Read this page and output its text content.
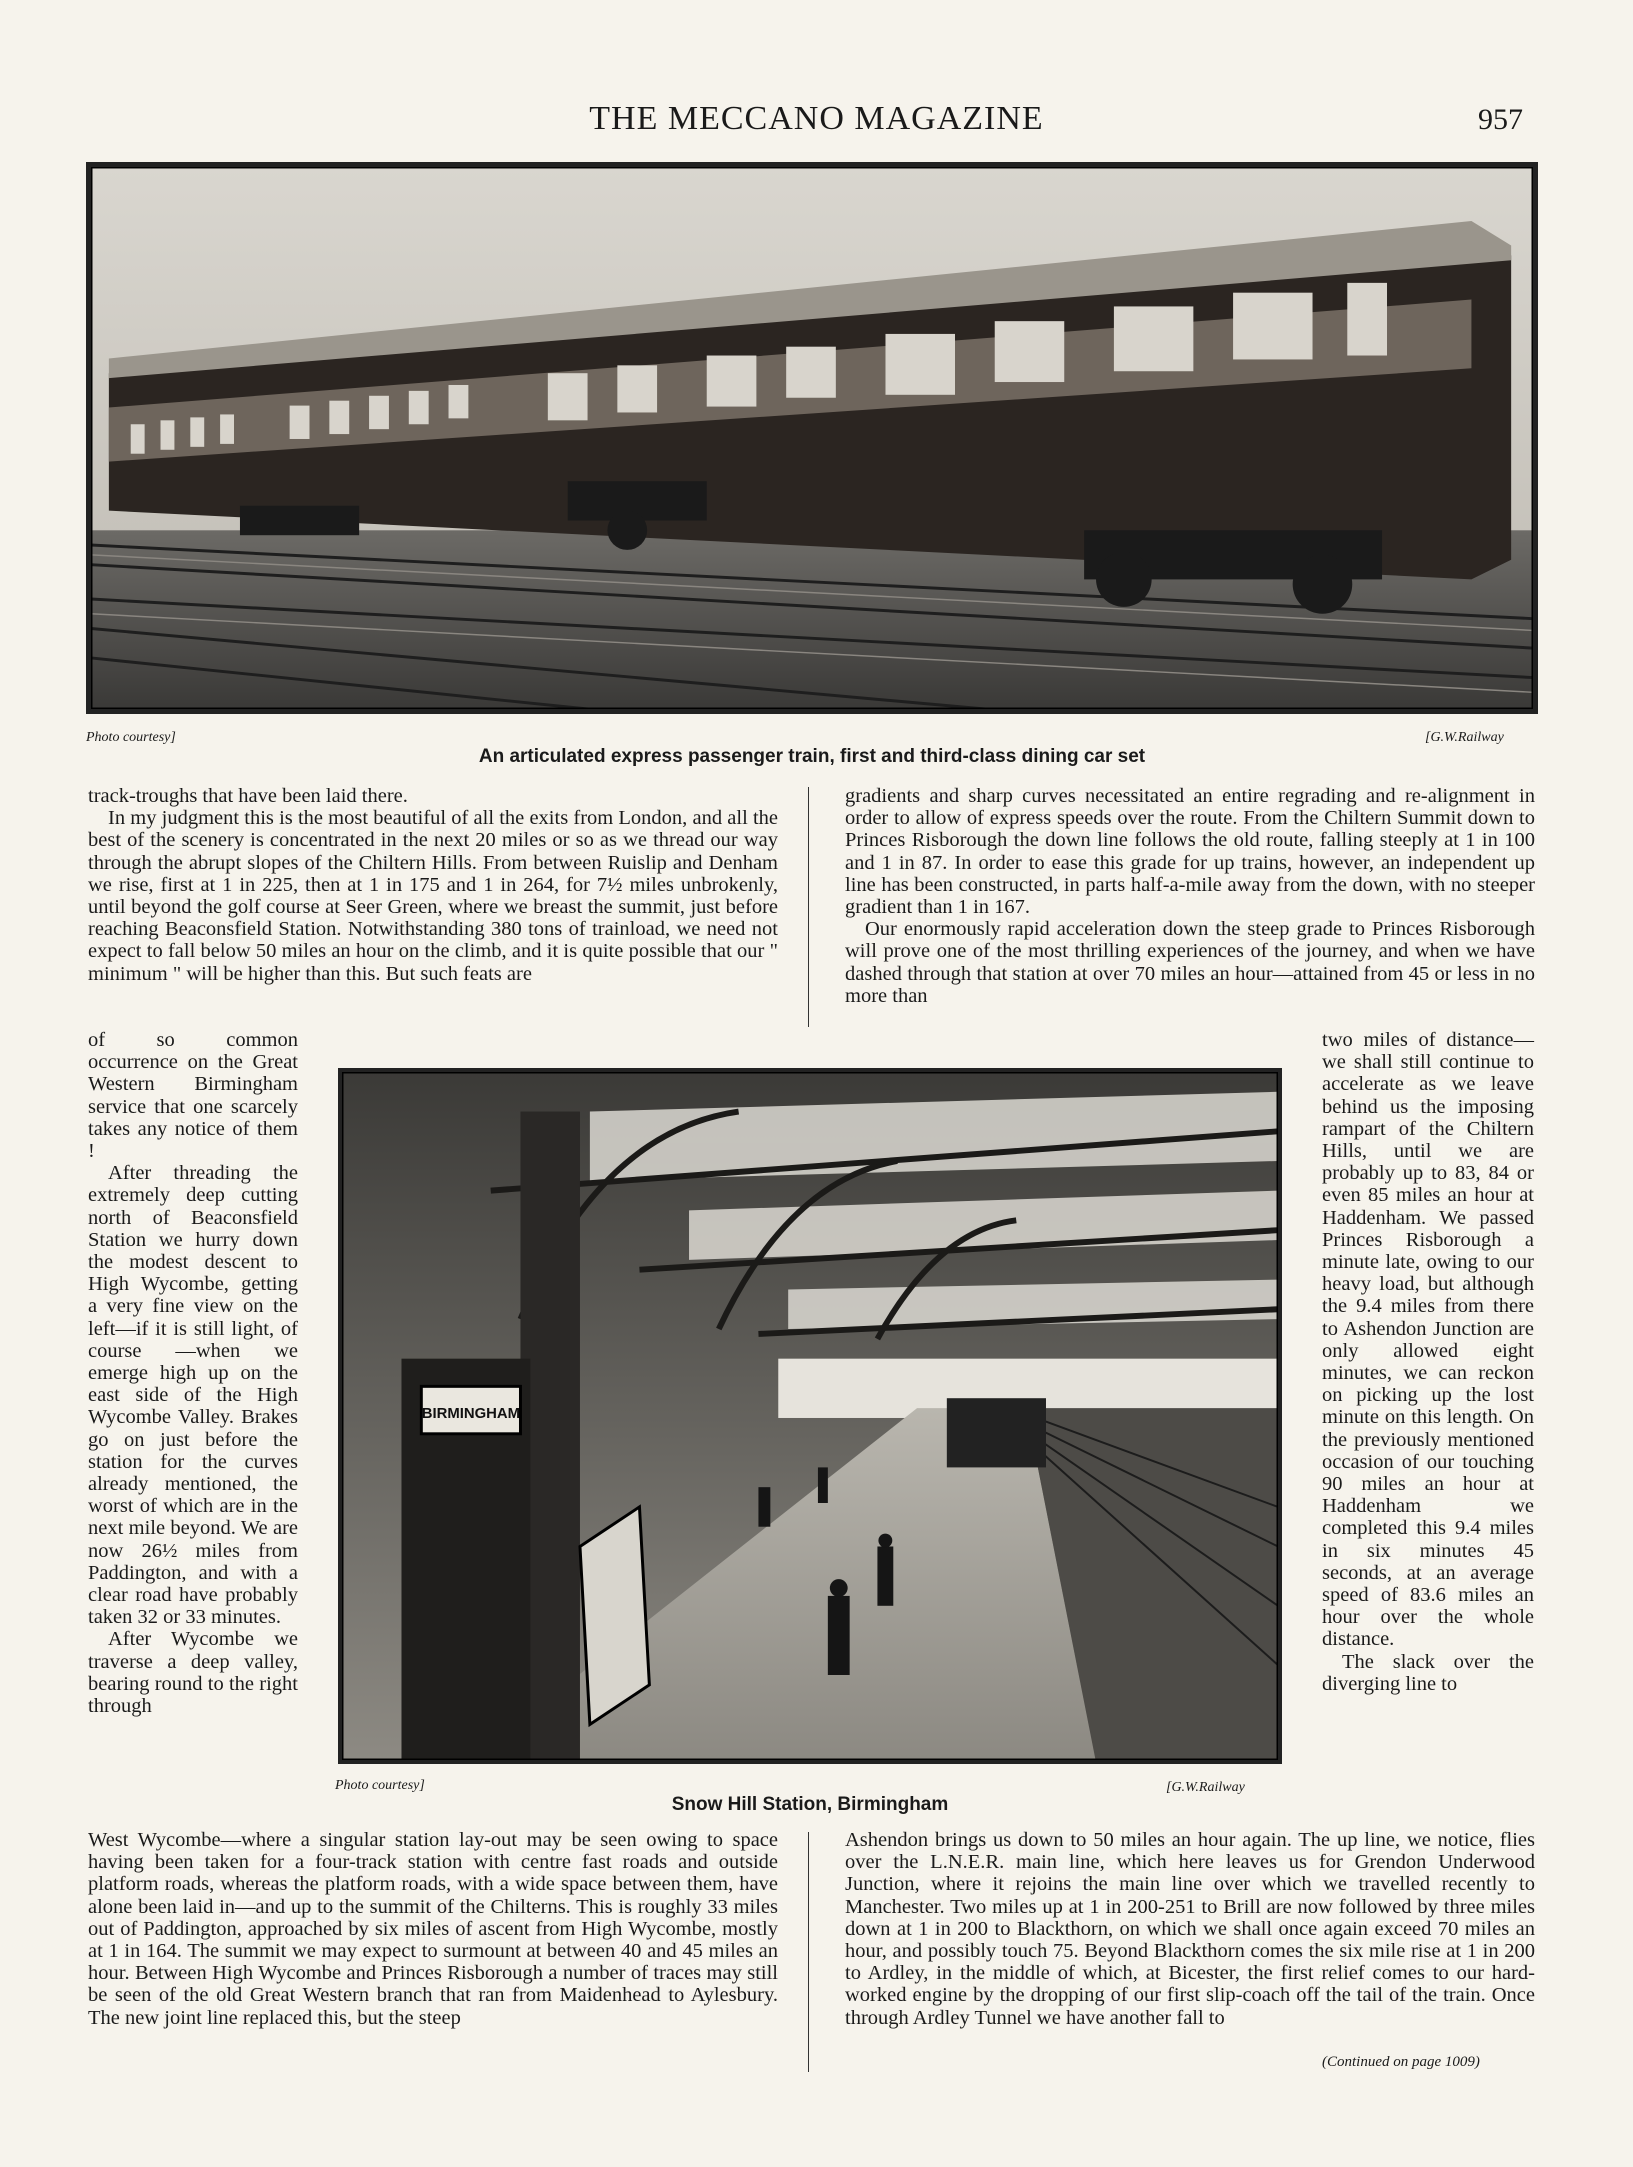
THE MECCANO MAGAZINE	957
Photo courtesy]	[G.W.Railway
An articulated express passenger train, first and third-class dining car set

track-troughs that have been laid there.

In my judgment this is the most beautiful of all the exits from London, and all the best of the scenery is concentrated in the next 20 miles or so as we thread our way through the abrupt slopes of the Chiltern Hills. From between Ruislip and Denham we rise, first at 1 in 225, then at 1 in 175 and 1 in 264, for 7½ miles unbrokenly, until beyond the golf course at Seer Green, where we breast the summit, just before reaching Beaconsfield Station. Notwithstanding 380 tons of trainload, we need not expect to fall below 50 miles an hour on the climb, and it is quite possible that our " minimum " will be higher than this. But such feats are

gradients and sharp curves necessitated an entire regrading and re-alignment in order to allow of express speeds over the route. From the Chiltern Summit down to Princes Risborough the down line follows the old route, falling steeply at 1 in 100 and 1 in 87. In order to ease this grade for up trains, however, an independent up line has been constructed, in parts half-a-mile away from the down, with no steeper gradient than 1 in 167.

Our enormously rapid acceleration down the steep grade to Princes Risborough will prove one of the most thrilling experiences of the journey, and when we have dashed through that station at over 70 miles an hour—attained from 45 or less in no more than

BIRMINGHAM
Photo courtesy]	[G.W.Railway
Snow Hill Station, Birmingham

of so common occurrence on the Great Western Birmingham service that one scarcely takes any notice of them !

After threading the extremely deep cutting north of Beaconsfield Station we hurry down the modest descent to High Wycombe, getting a very fine view on the left—if it is still light, of course —when we emerge high up on the east side of the High Wycombe Valley. Brakes go on just before the station for the curves already mentioned, the worst of which are in the next mile beyond. We are now 26½ miles from Paddington, and with a clear road have probably taken 32 or 33 minutes.

After Wycombe we traverse a deep valley, bearing round to the right through

two miles of distance—we shall still continue to accelerate as we leave behind us the imposing rampart of the Chiltern Hills, until we are probably up to 83, 84 or even 85 miles an hour at Haddenham. We passed Princes Risborough a minute late, owing to our heavy load, but although the 9.4 miles from there to Ashendon Junction are only allowed eight minutes, we can reckon on picking up the lost minute on this length. On the previously mentioned occasion of our touching 90 miles an hour at Haddenham we completed this 9.4 miles in six minutes 45 seconds, at an average speed of 83.6 miles an hour over the whole distance.

The slack over the diverging line to

West Wycombe—where a singular station lay-out may be seen owing to space having been taken for a four-track station with centre fast roads and outside platform roads, whereas the platform roads, with a wide space between them, have alone been laid in—and up to the summit of the Chilterns. This is roughly 33 miles out of Paddington, approached by six miles of ascent from High Wycombe, mostly at 1 in 164. The summit we may expect to surmount at between 40 and 45 miles an hour. Between High Wycombe and Princes Risborough a number of traces may still be seen of the old Great Western branch that ran from Maidenhead to Aylesbury. The new joint line replaced this, but the steep

Ashendon brings us down to 50 miles an hour again. The up line, we notice, flies over the L.N.E.R. main line, which here leaves us for Grendon Underwood Junction, where it rejoins the main line over which we travelled recently to Manchester. Two miles up at 1 in 200-251 to Brill are now followed by three miles down at 1 in 200 to Blackthorn, on which we shall once again exceed 70 miles an hour, and possibly touch 75. Beyond Blackthorn comes the six mile rise at 1 in 200 to Ardley, in the middle of which, at Bicester, the first relief comes to our hard-worked engine by the dropping of our first slip-coach off the tail of the train. Once through Ardley Tunnel we have another fall to

(Continued on page 1009)
